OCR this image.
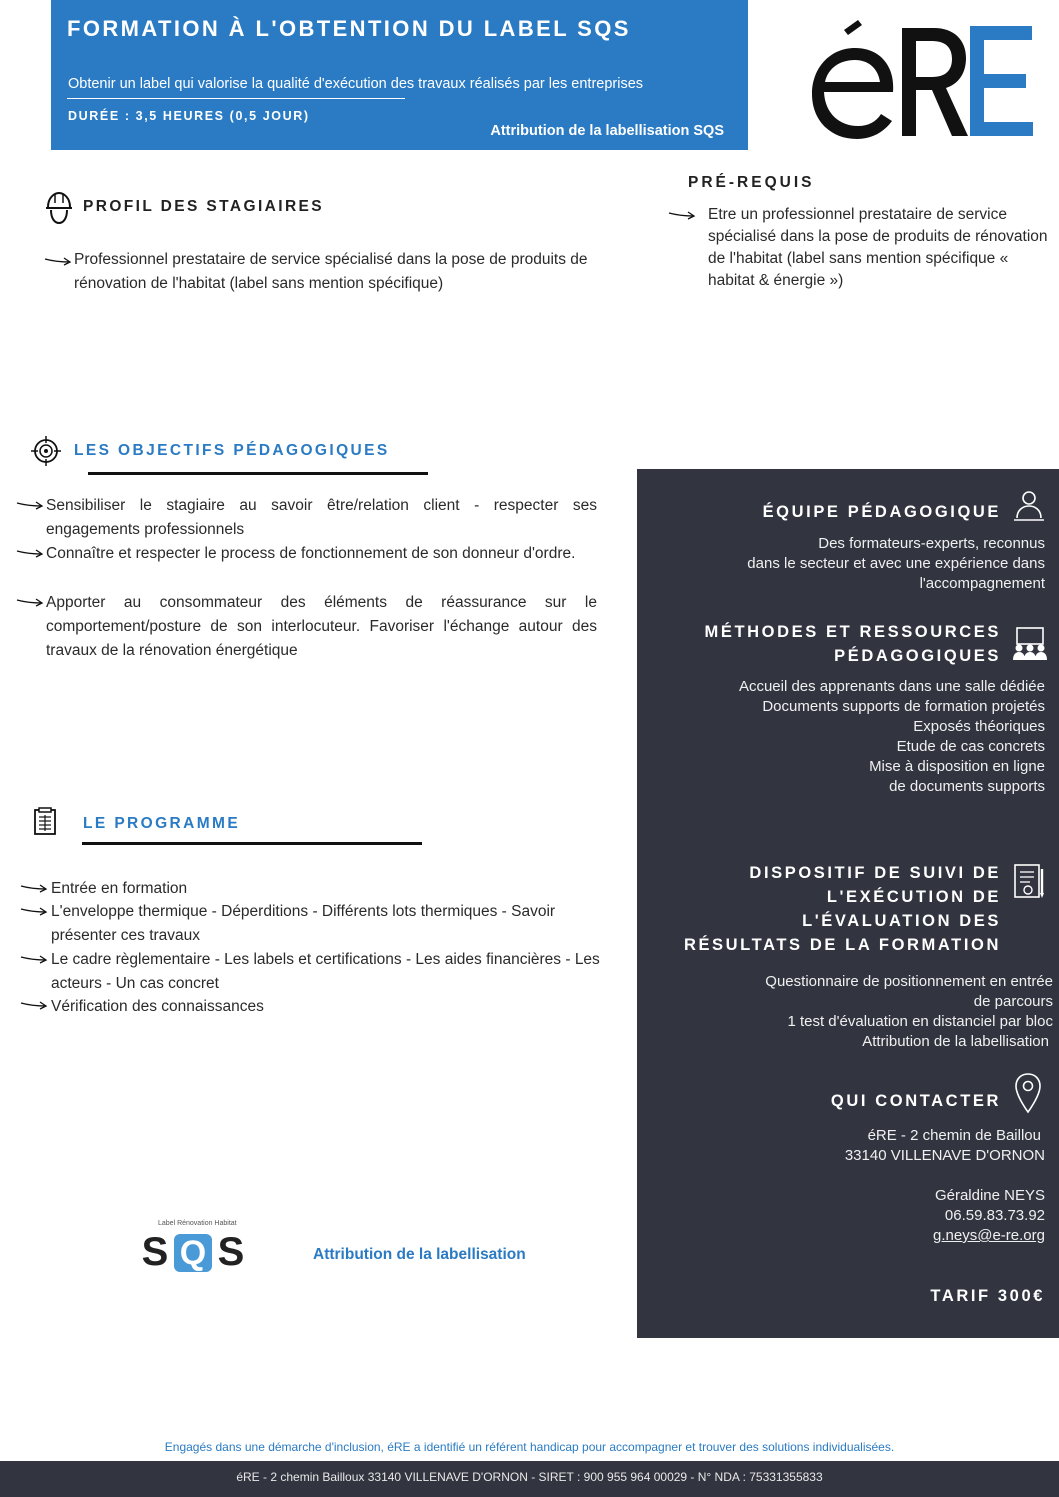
FORMATION À L'OBTENTION DU LABEL SQS
Obtenir un label qui valorise la qualité d'exécution des travaux réalisés par les entreprises
DURÉE : 3,5 HEURES (0,5 JOUR)
Attribution de la labellisation SQS
PROFIL DES STAGIAIRES
Professionnel prestataire de service spécialisé dans la pose de produits de rénovation de l'habitat (label sans mention spécifique)
PRÉ-REQUIS
Etre un professionnel prestataire de service spécialisé dans la pose de produits de rénovation de l'habitat (label sans mention spécifique « habitat & énergie »)
LES OBJECTIFS PÉDAGOGIQUES
Sensibiliser le stagiaire au savoir être/relation client - respecter ses engagements professionnels
Connaître et respecter le process de fonctionnement de son donneur d'ordre.
Apporter au consommateur des éléments de réassurance sur le comportement/posture de son interlocuteur. Favoriser l'échange autour des travaux de la rénovation énergétique
LE PROGRAMME
Entrée en formation
L'enveloppe thermique - Déperditions - Différents lots thermiques - Savoir présenter ces travaux
Le cadre règlementaire - Les labels et certifications - Les aides financières - Les acteurs - Un cas concret
Vérification des connaissances
Label Rénovation Habitat
S Q S	Attribution de la labellisation
ÉQUIPE PÉDAGOGIQUE
Des formateurs-experts, reconnus
dans le secteur et avec une expérience dans
l'accompagnement
MÉTHODES ET RESSOURCES
PÉDAGOGIQUES
Accueil des apprenants dans une salle dédiée
Documents supports de formation projetés
Exposés théoriques
Etude de cas concrets
Mise à disposition en ligne
de documents supports
DISPOSITIF DE SUIVI DE
L'EXÉCUTION DE
L'ÉVALUATION DES
RÉSULTATS DE LA FORMATION
Questionnaire de positionnement en entrée
de parcours
1 test d'évaluation en distanciel par bloc
Attribution de la labellisation
QUI CONTACTER
éRE - 2 chemin de Baillou
33140 VILLENAVE D'ORNON
Géraldine NEYS
06.59.83.73.92
g.neys@e-re.org
TARIF 300€
Engagés dans une démarche d'inclusion, éRE a identifié un référent handicap pour accompagner et trouver des solutions individualisées.
éRE - 2 chemin Bailloux 33140 VILLENAVE D'ORNON - SIRET : 900 955 964 00029 - N° NDA : 75331355833
